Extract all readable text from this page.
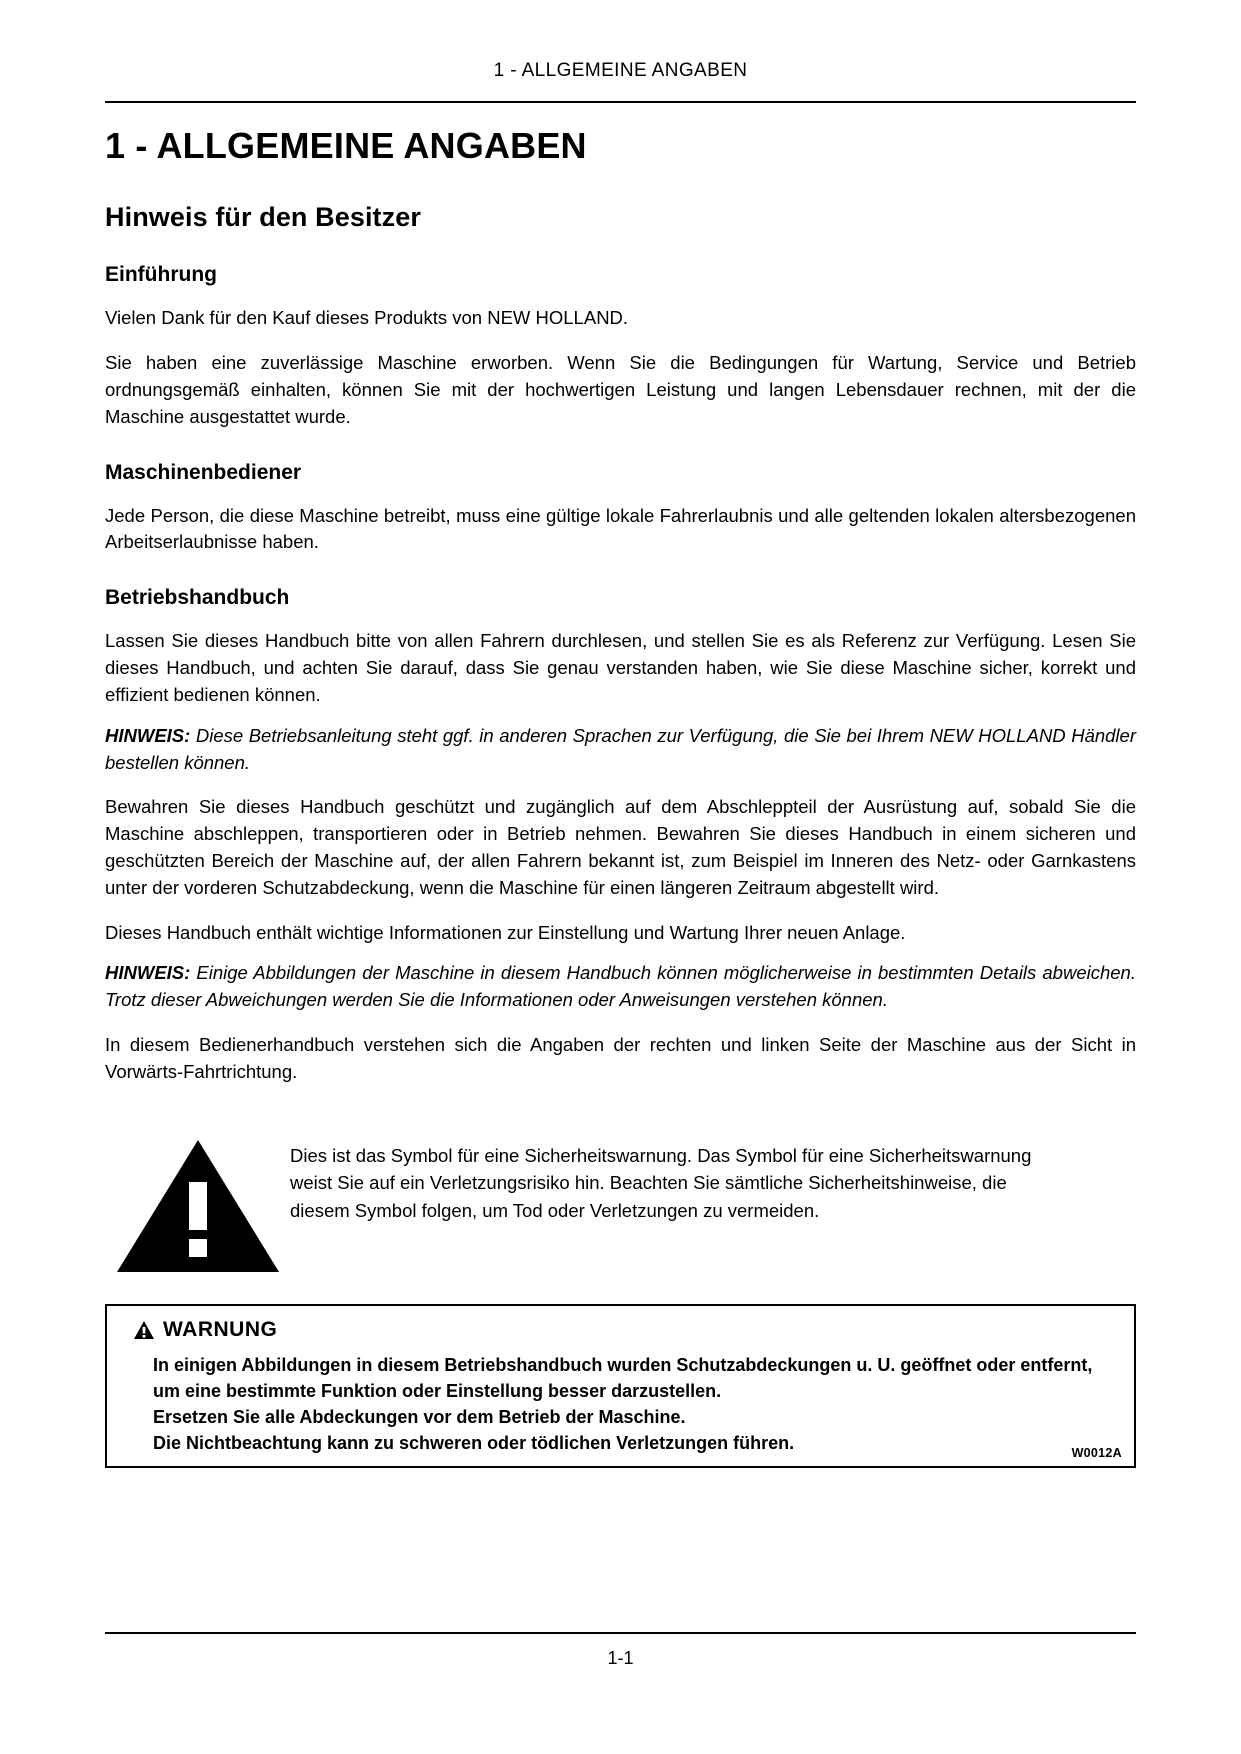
1 - ALLGEMEINE ANGABEN
1 - ALLGEMEINE ANGABEN
Hinweis für den Besitzer
Einführung

Vielen Dank für den Kauf dieses Produkts von NEW HOLLAND.

Sie haben eine zuverlässige Maschine erworben. Wenn Sie die Bedingungen für Wartung, Service und Betrieb ordnungsgemäß einhalten, können Sie mit der hochwertigen Leistung und langen Lebensdauer rechnen, mit der die Maschine ausgestattet wurde.

Maschinenbediener

Jede Person, die diese Maschine betreibt, muss eine gültige lokale Fahrerlaubnis und alle geltenden lokalen altersbezogenen Arbeitserlaubnisse haben.

Betriebshandbuch

Lassen Sie dieses Handbuch bitte von allen Fahrern durchlesen, und stellen Sie es als Referenz zur Verfügung. Lesen Sie dieses Handbuch, und achten Sie darauf, dass Sie genau verstanden haben, wie Sie diese Maschine sicher, korrekt und effizient bedienen können.

HINWEIS: Diese Betriebsanleitung steht ggf. in anderen Sprachen zur Verfügung, die Sie bei Ihrem NEW HOLLAND Händler bestellen können.

Bewahren Sie dieses Handbuch geschützt und zugänglich auf dem Abschleppteil der Ausrüstung auf, sobald Sie die Maschine abschleppen, transportieren oder in Betrieb nehmen. Bewahren Sie dieses Handbuch in einem sicheren und geschützten Bereich der Maschine auf, der allen Fahrern bekannt ist, zum Beispiel im Inneren des Netz- oder Garnkastens unter der vorderen Schutzabdeckung, wenn die Maschine für einen längeren Zeitraum abgestellt wird.

Dieses Handbuch enthält wichtige Informationen zur Einstellung und Wartung Ihrer neuen Anlage.

HINWEIS: Einige Abbildungen der Maschine in diesem Handbuch können möglicherweise in bestimmten Details abweichen. Trotz dieser Abweichungen werden Sie die Informationen oder Anweisungen verstehen können.

In diesem Bedienerhandbuch verstehen sich die Angaben der rechten und linken Seite der Maschine aus der Sicht in Vorwärts-Fahrtrichtung.

Dies ist das Symbol für eine Sicherheitswarnung. Das Symbol für eine Sicherheitswarnung weist Sie auf ein Verletzungsrisiko hin. Beachten Sie sämtliche Sicherheitshinweise, die diesem Symbol folgen, um Tod oder Verletzungen zu vermeiden.
WARNUNG
In einigen Abbildungen in diesem Betriebshandbuch wurden Schutzabdeckungen u. U. geöffnet oder entfernt, um eine bestimmte Funktion oder Einstellung besser darzustellen.
Ersetzen Sie alle Abdeckungen vor dem Betrieb der Maschine.
Die Nichtbeachtung kann zu schweren oder tödlichen Verletzungen führen.
W0012A
1-1
